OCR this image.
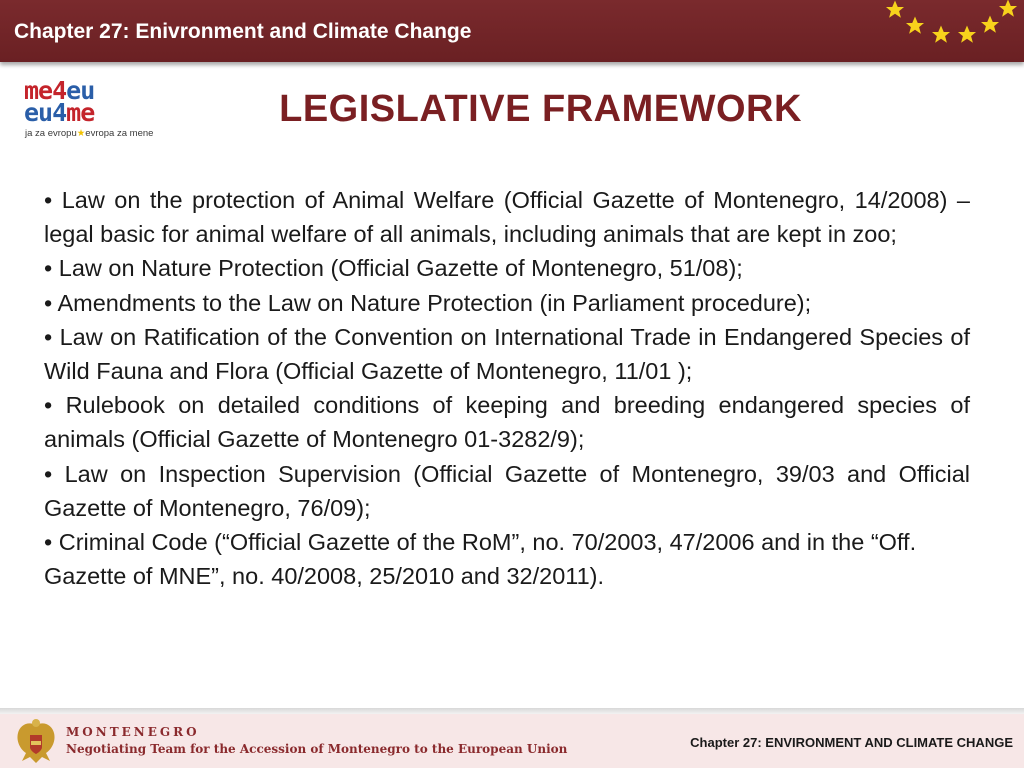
Chapter 27: Enivronment and Climate Change
me4eu
eu4me
ja za evropu★evropa za mene
LEGISLATIVE FRAMEWORK

• Law on the protection of Animal Welfare (Official Gazette of Montenegro, 14/2008) – legal basic for animal welfare of all animals, including animals that are kept in zoo;

• Law on Nature Protection (Official Gazette of Montenegro, 51/08);

• Amendments to the Law on Nature Protection (in Parliament procedure);

• Law on Ratification of the Convention on International Trade in Endangered Species of Wild Fauna and Flora (Official Gazette of Montenegro, 11/01 );

• Rulebook on detailed conditions of keeping and breeding endangered species of animals (Official Gazette of Montenegro 01-3282/9);

• Law on Inspection Supervision (Official Gazette of Montenegro, 39/03 and Official Gazette of Montenegro, 76/09);

• Criminal Code (“Official Gazette of the RoM”, no. 70/2003, 47/2006 and in the “Off. Gazette of MNE”, no. 40/2008, 25/2010 and 32/2011).

MONTENEGRO
Negotiating Team for the Accession of Montenegro to the European Union	Chapter 27: ENVIRONMENT AND CLIMATE CHANGE
